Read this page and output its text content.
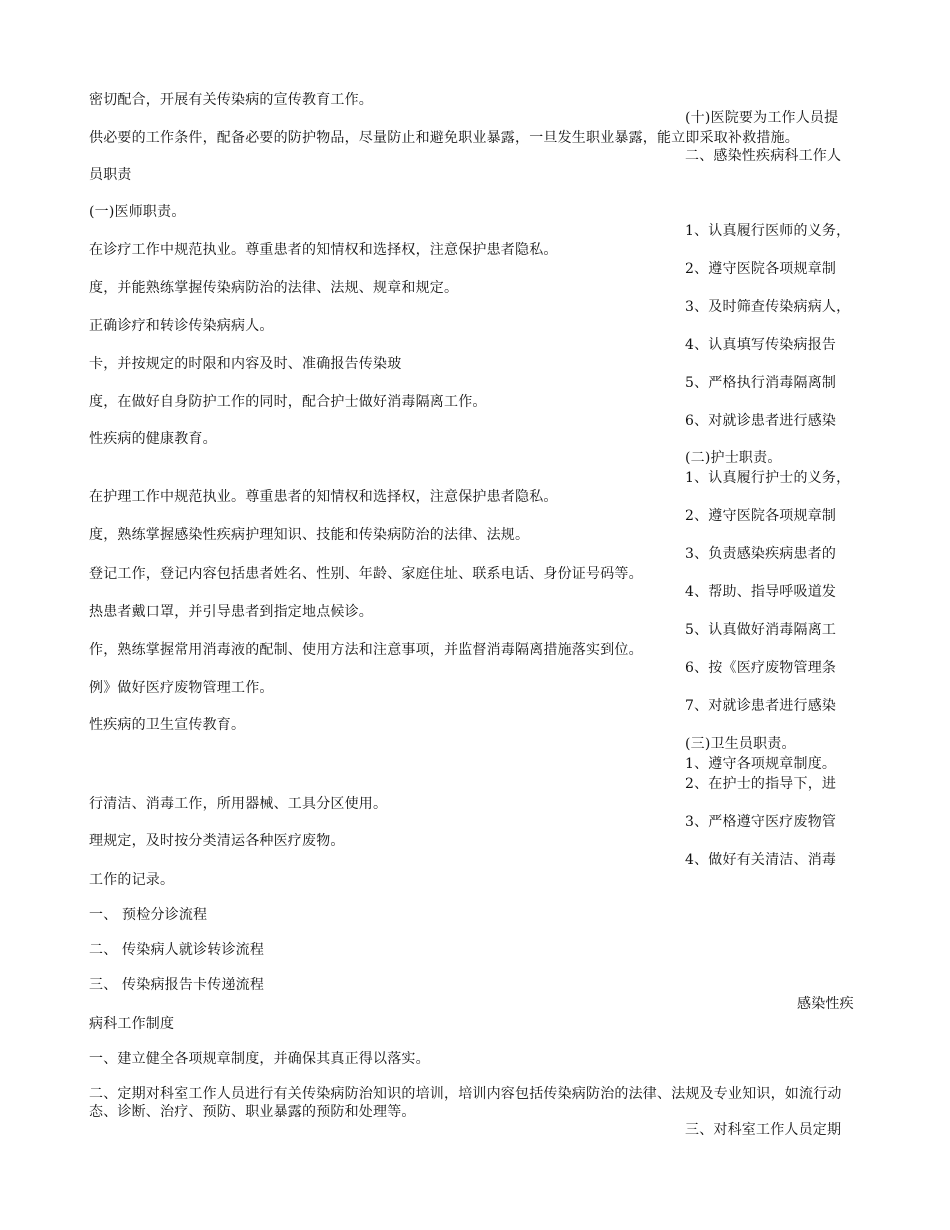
密切配合，开展有关传染病的宣传教育工作。
供必要的工作条件，配备必要的防护物品，尽量防止和避免职业暴露，一旦发生职业暴露，能立即采取补救措施。
员职责
(一)医师职责。
在诊疗工作中规范执业。尊重患者的知情权和选择权，注意保护患者隐私。
度，并能熟练掌握传染病防治的法律、法规、规章和规定。
正确诊疗和转诊传染病病人。
卡，并按规定的时限和内容及时、准确报告传染玻
度，在做好自身防护工作的同时，配合护士做好消毒隔离工作。
性疾病的健康教育。
在护理工作中规范执业。尊重患者的知情权和选择权，注意保护患者隐私。
度，熟练掌握感染性疾病护理知识、技能和传染病防治的法律、法规。
登记工作，登记内容包括患者姓名、性别、年龄、家庭住址、联系电话、身份证号码等。
热患者戴口罩，并引导患者到指定地点候诊。
作，熟练掌握常用消毒液的配制、使用方法和注意事项，并监督消毒隔离措施落实到位。
例》做好医疗废物管理工作。
性疾病的卫生宣传教育。
行清洁、消毒工作，所用器械、工具分区使用。
理规定，及时按分类清运各种医疗废物。
工作的记录。
一、 预检分诊流程
二、 传染病人就诊转诊流程
三、 传染病报告卡传递流程
病科工作制度
一、建立健全各项规章制度，并确保其真正得以落实。
二、定期对科室工作人员进行有关传染病防治知识的培训，培训内容包括传染病防治的法律、法规及专业知识，如流行动态、诊断、治疗、预防、职业暴露的预防和处理等。
(十)医院要为工作人员提
二、感染性疾病科工作人
1、认真履行医师的义务，
2、遵守医院各项规章制
3、及时筛查传染病病人，
4、认真填写传染病报告
5、严格执行消毒隔离制
6、对就诊患者进行感染
(二)护士职责。
1、认真履行护士的义务，
2、遵守医院各项规章制
3、负责感染疾病患者的
4、帮助、指导呼吸道发
5、认真做好消毒隔离工
6、按《医疗废物管理条
7、对就诊患者进行感染
(三)卫生员职责。
1、遵守各项规章制度。
2、在护士的指导下，进
3、严格遵守医疗废物管
4、做好有关清洁、消毒
感染性疾
三、对科室工作人员定期
